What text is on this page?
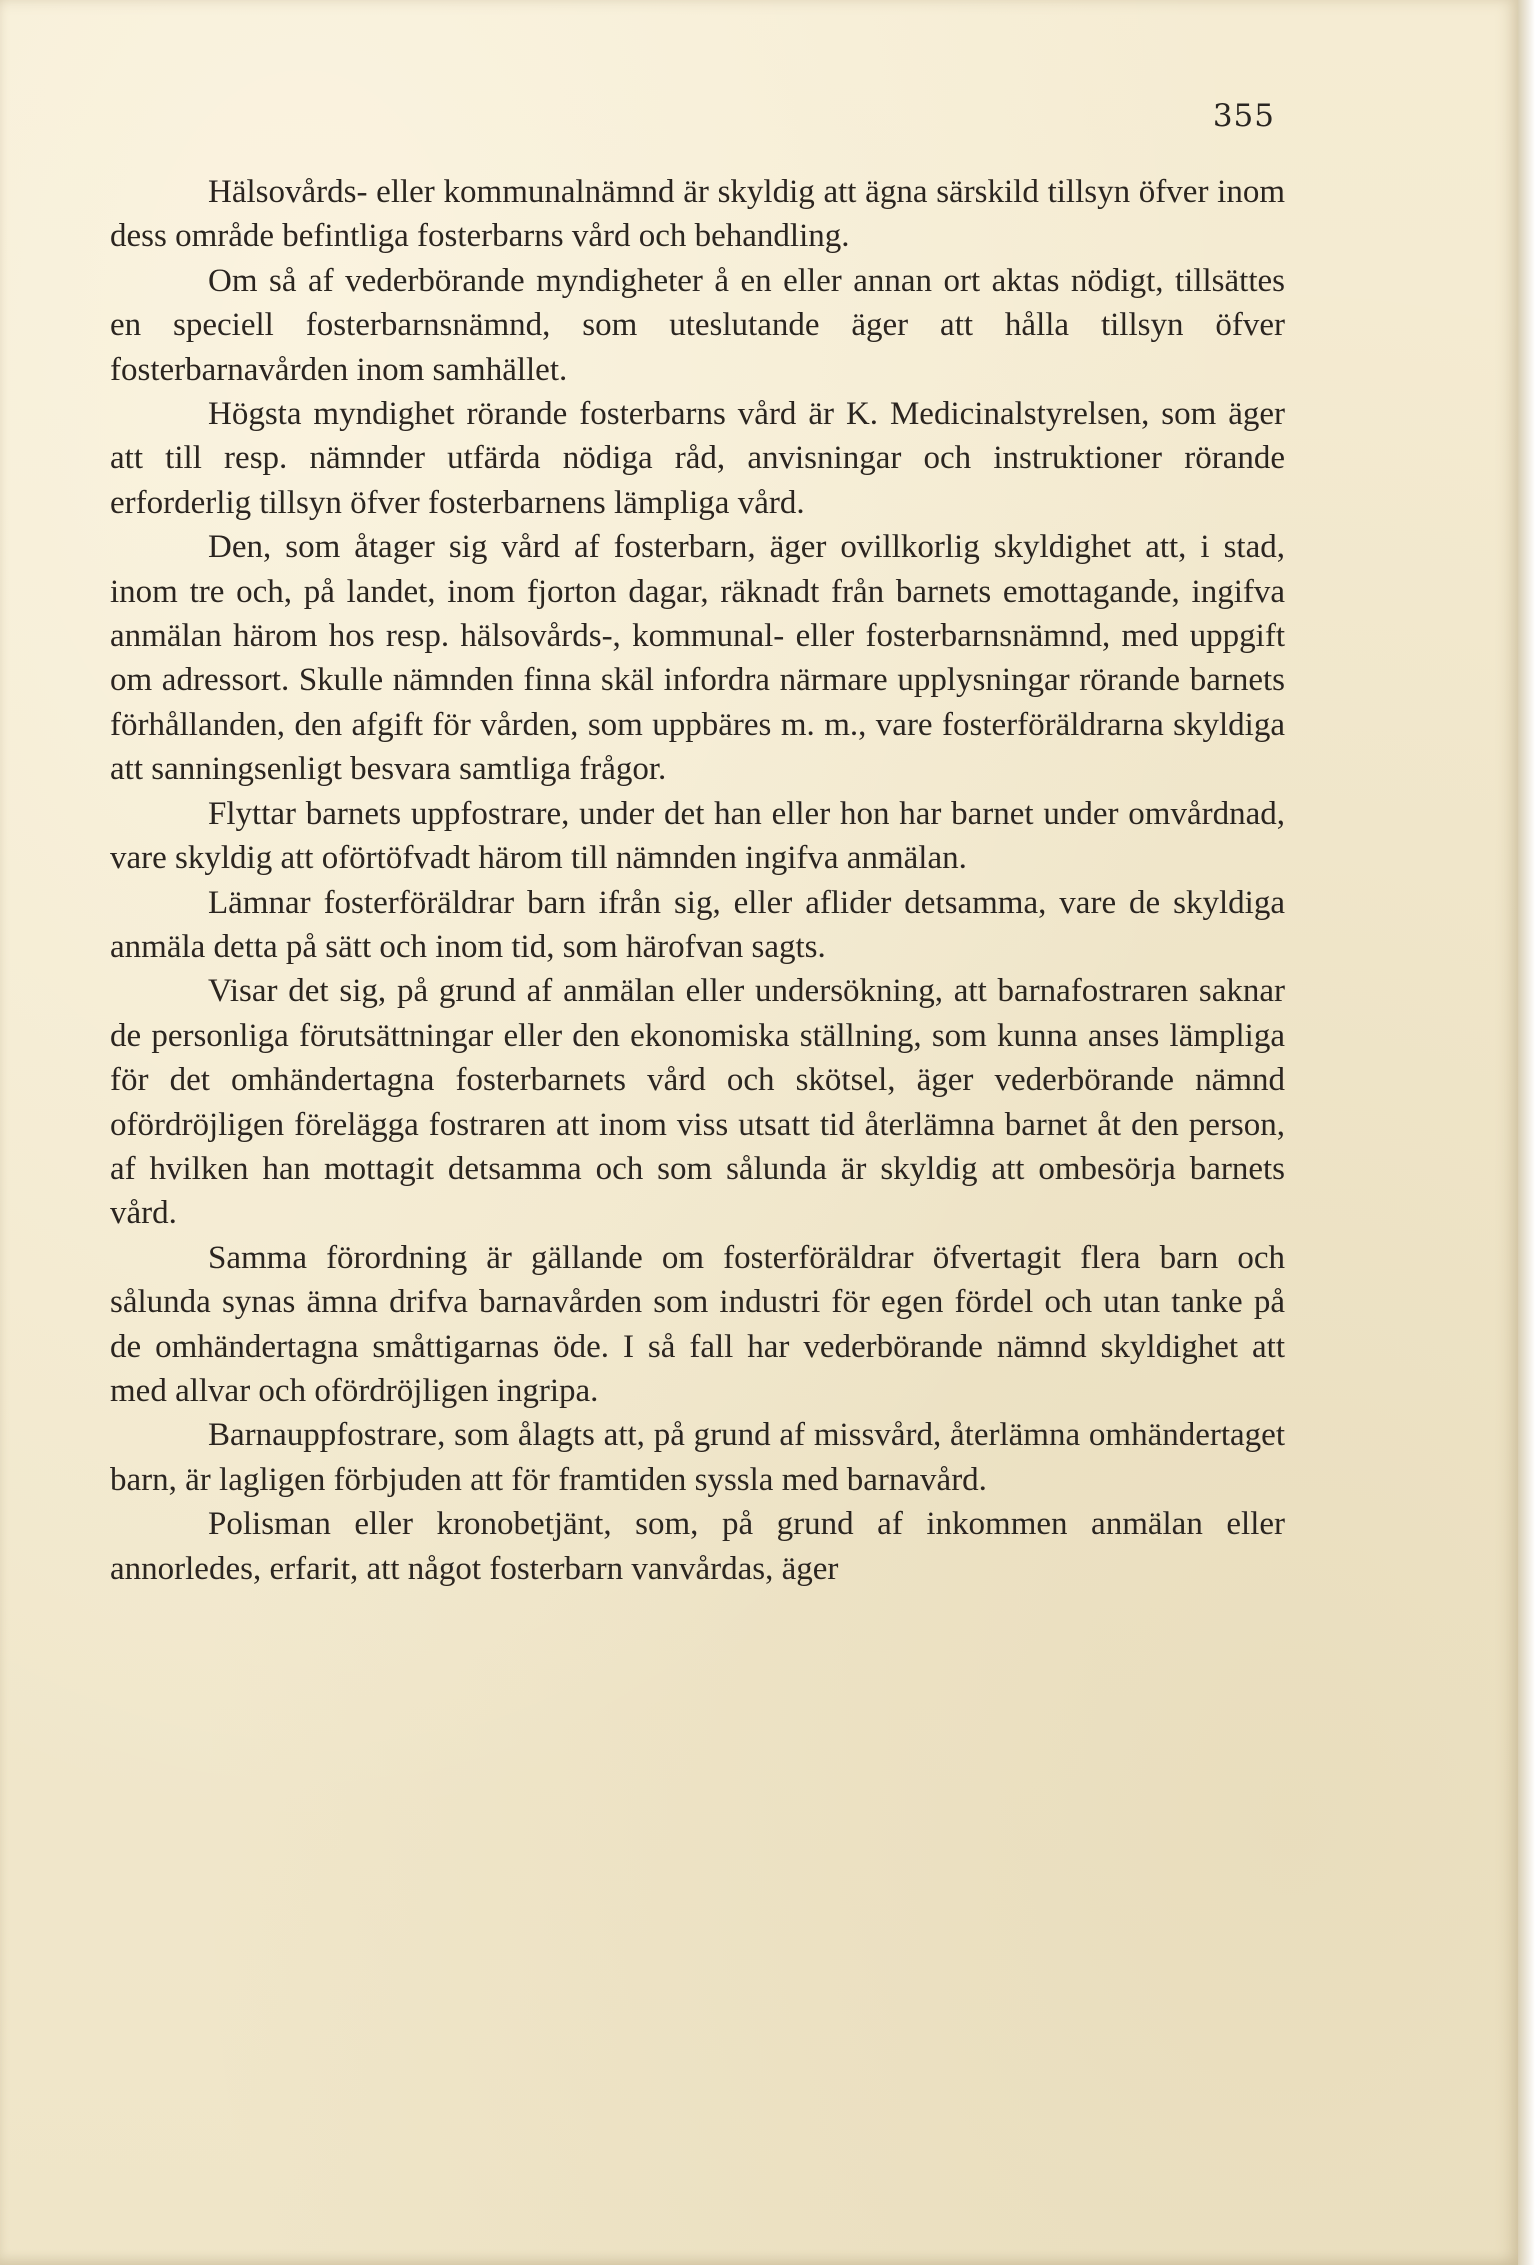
355

Hälsovårds- eller kommunalnämnd är skyldig att ägna särskild tillsyn öfver inom dess område befintliga fosterbarns vård och behandling.

Om så af vederbörande myndigheter å en eller annan ort aktas nödigt, tillsättes en speciell fosterbarnsnämnd, som uteslutande äger att hålla tillsyn öfver fosterbarnavården inom samhället.

Högsta myndighet rörande fosterbarns vård är K. Medicinalstyrelsen, som äger att till resp. nämnder utfärda nödiga råd, anvisningar och instruktioner rörande erforderlig tillsyn öfver fosterbarnens lämpliga vård.

Den, som åtager sig vård af fosterbarn, äger ovillkorlig skyldighet att, i stad, inom tre och, på landet, inom fjorton dagar, räknadt från barnets emottagande, ingifva anmälan härom hos resp. hälsovårds-, kommunal- eller fosterbarnsnämnd, med uppgift om adressort. Skulle nämnden finna skäl infordra närmare upplysningar rörande barnets förhållanden, den afgift för vården, som uppbäres m. m., vare fosterföräldrarna skyldiga att sanningsenligt besvara samtliga frågor.

Flyttar barnets uppfostrare, under det han eller hon har barnet under omvårdnad, vare skyldig att oförtöfvadt härom till nämnden ingifva anmälan.

Lämnar fosterföräldrar barn ifrån sig, eller aflider detsamma, vare de skyldiga anmäla detta på sätt och inom tid, som härofvan sagts.

Visar det sig, på grund af anmälan eller undersökning, att barnafostraren saknar de personliga förutsättningar eller den ekonomiska ställning, som kunna anses lämpliga för det omhändertagna fosterbarnets vård och skötsel, äger vederbörande nämnd ofördröjligen förelägga fostraren att inom viss utsatt tid återlämna barnet åt den person, af hvilken han mottagit detsamma och som sålunda är skyldig att ombesörja barnets vård.

Samma förordning är gällande om fosterföräldrar öfvertagit flera barn och sålunda synas ämna drifva barnavården som industri för egen fördel och utan tanke på de omhändertagna småttigarnas öde. I så fall har vederbörande nämnd skyldighet att med allvar och ofördröjligen ingripa.

Barnauppfostrare, som ålagts att, på grund af missvård, återlämna omhändertaget barn, är lagligen förbjuden att för framtiden syssla med barnavård.

Polisman eller kronobetjänt, som, på grund af inkommen anmälan eller annorledes, erfarit, att något fosterbarn vanvårdas, äger
